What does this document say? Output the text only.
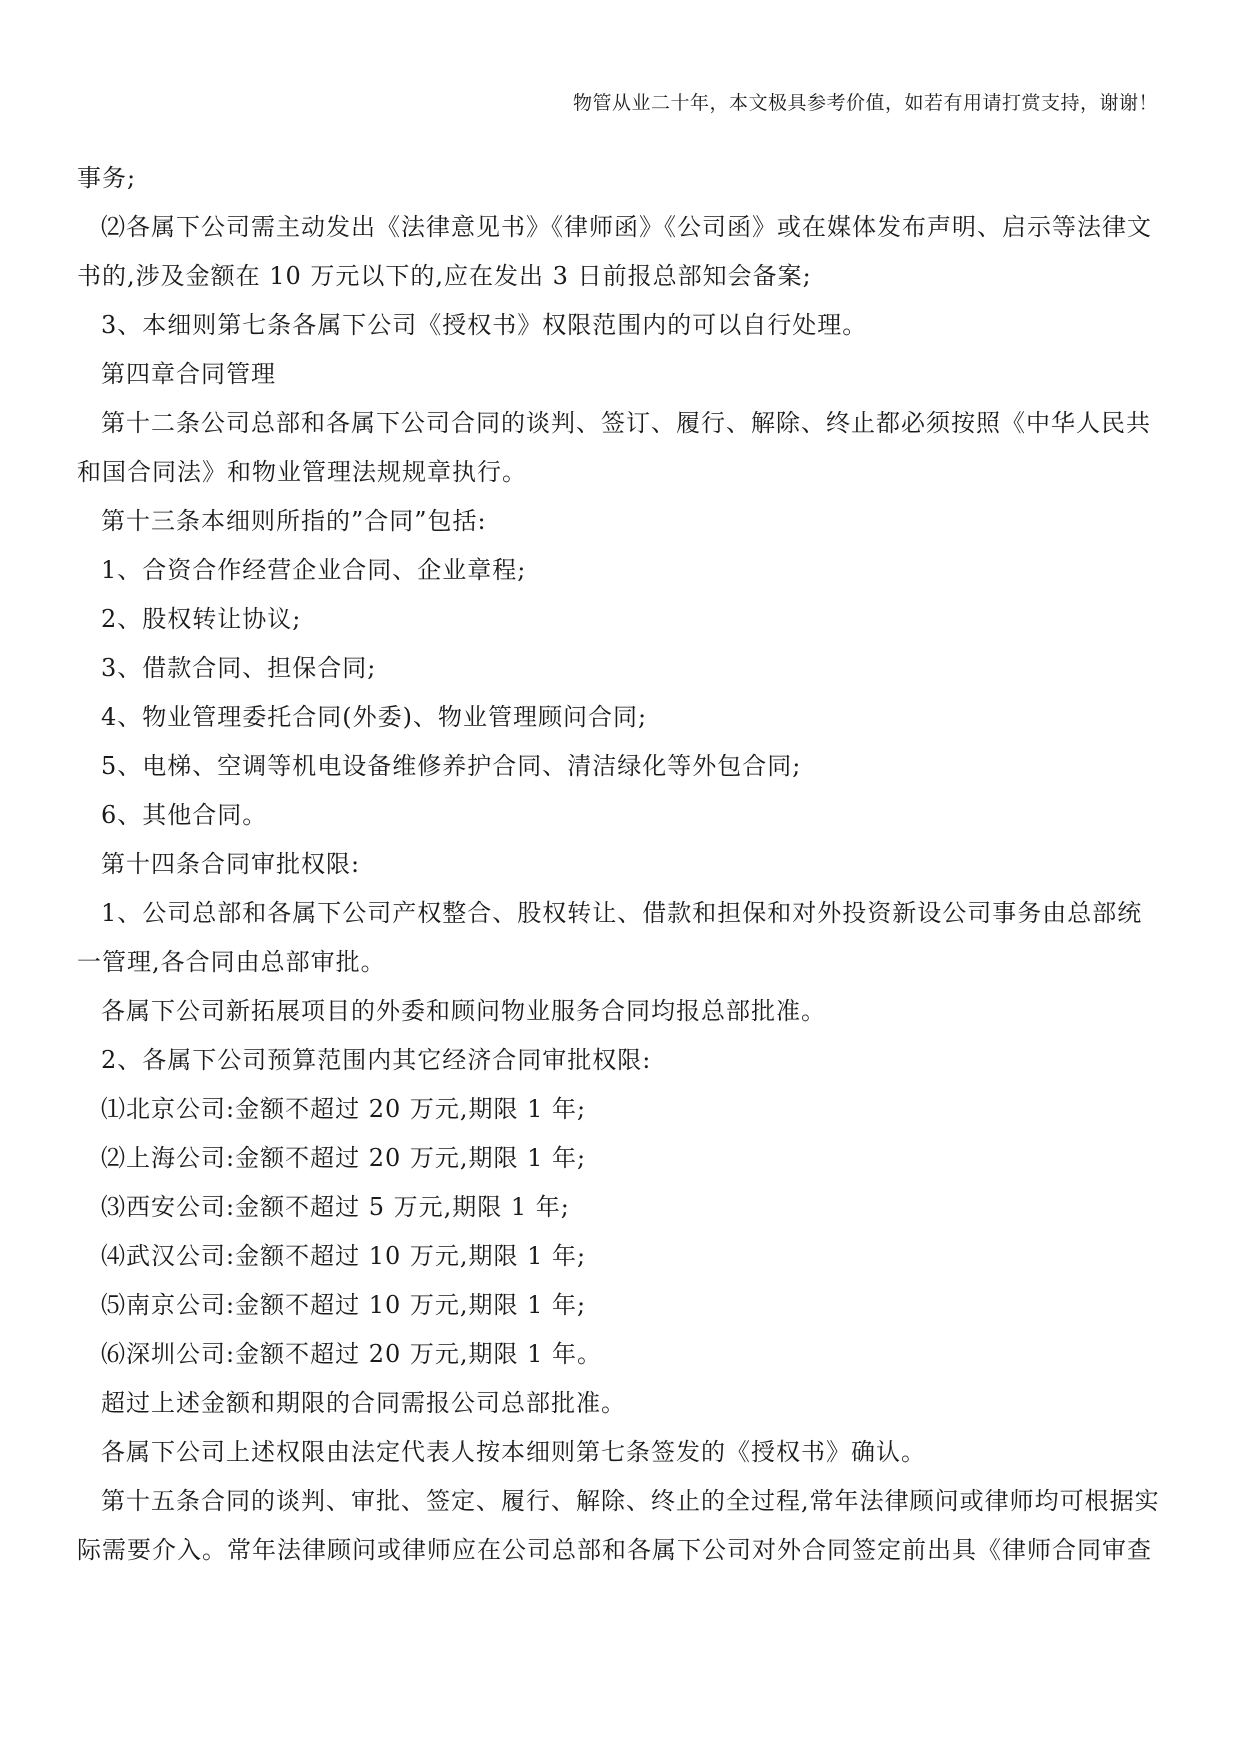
物管从业二十年，本文极具参考价值，如若有用请打赏支持，谢谢！

事务;

⑵各属下公司需主动发出《法律意见书》《律师函》《公司函》或在媒体发布声明、启示等法律文书的,涉及金额在 10 万元以下的,应在发出 3 日前报总部知会备案;

3、本细则第七条各属下公司《授权书》权限范围内的可以自行处理。

第四章合同管理

第十二条公司总部和各属下公司合同的谈判、签订、履行、解除、终止都必须按照《中华人民共和国合同法》和物业管理法规规章执行。

第十三条本细则所指的”合同”包括:

1、合资合作经营企业合同、企业章程;

2、股权转让协议;

3、借款合同、担保合同;

4、物业管理委托合同(外委)、物业管理顾问合同;

5、电梯、空调等机电设备维修养护合同、清洁绿化等外包合同;

6、其他合同。

第十四条合同审批权限:

1、公司总部和各属下公司产权整合、股权转让、借款和担保和对外投资新设公司事务由总部统一管理,各合同由总部审批。

各属下公司新拓展项目的外委和顾问物业服务合同均报总部批准。

2、各属下公司预算范围内其它经济合同审批权限:

⑴北京公司:金额不超过 20 万元,期限 1 年;

⑵上海公司:金额不超过 20 万元,期限 1 年;

⑶西安公司:金额不超过 5 万元,期限 1 年;

⑷武汉公司:金额不超过 10 万元,期限 1 年;

⑸南京公司:金额不超过 10 万元,期限 1 年;

⑹深圳公司:金额不超过 20 万元,期限 1 年。

超过上述金额和期限的合同需报公司总部批准。

各属下公司上述权限由法定代表人按本细则第七条签发的《授权书》确认。

第十五条合同的谈判、审批、签定、履行、解除、终止的全过程,常年法律顾问或律师均可根据实际需要介入。常年法律顾问或律师应在公司总部和各属下公司对外合同签定前出具《律师合同审查
